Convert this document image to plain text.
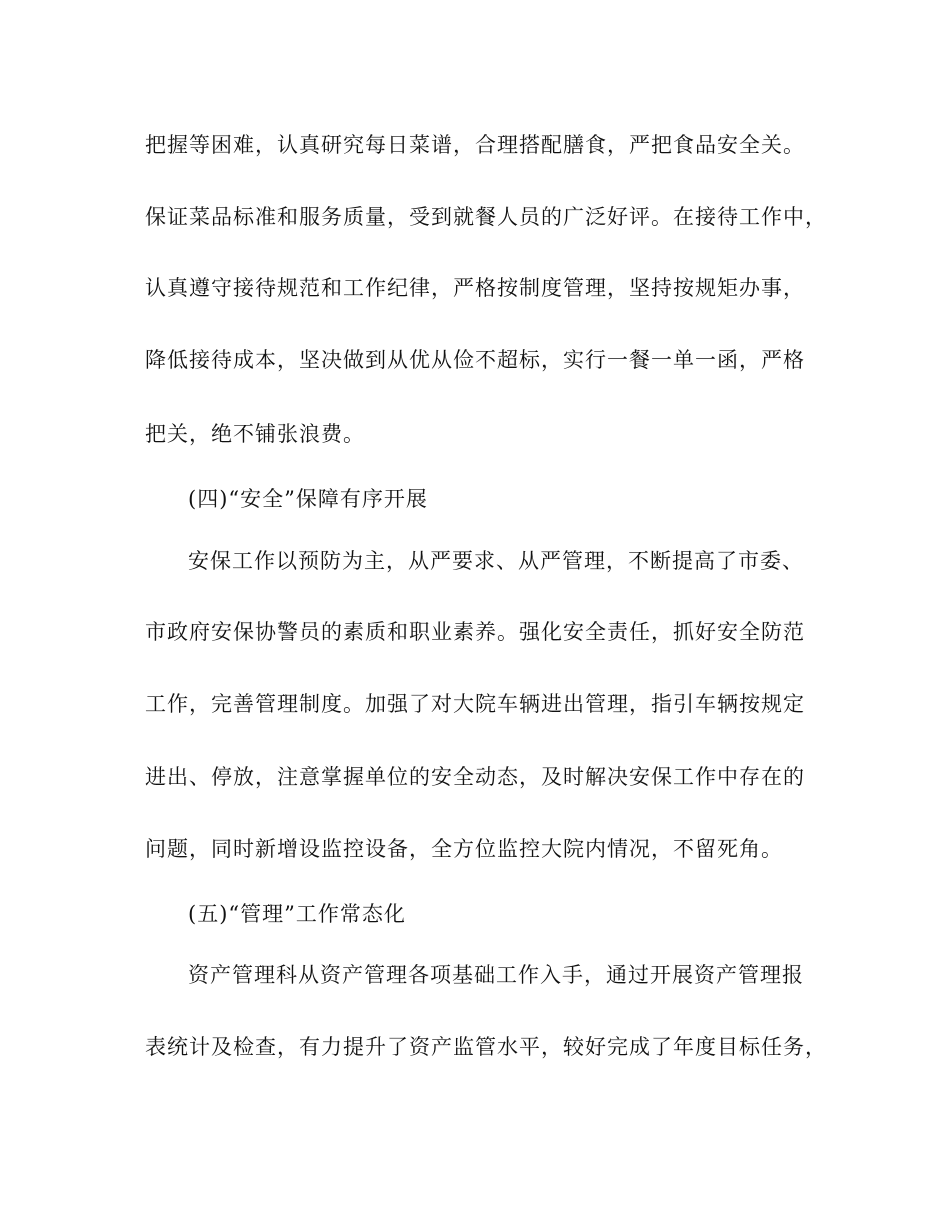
把握等困难，认真研究每日菜谱，合理搭配膳食，严把食品安全关。
保证菜品标准和服务质量，受到就餐人员的广泛好评。在接待工作中，
认真遵守接待规范和工作纪律，严格按制度管理，坚持按规矩办事，
降低接待成本，坚决做到从优从俭不超标，实行一餐一单一函，严格
把关，绝不铺张浪费。
(四)“安全”保障有序开展
安保工作以预防为主，从严要求、从严管理，不断提高了市委、
市政府安保协警员的素质和职业素养。强化安全责任，抓好安全防范
工作，完善管理制度。加强了对大院车辆进出管理，指引车辆按规定
进出、停放，注意掌握单位的安全动态，及时解决安保工作中存在的
问题，同时新增设监控设备，全方位监控大院内情况，不留死角。
(五)“管理”工作常态化
资产管理科从资产管理各项基础工作入手，通过开展资产管理报
表统计及检查，有力提升了资产监管水平，较好完成了年度目标任务，
